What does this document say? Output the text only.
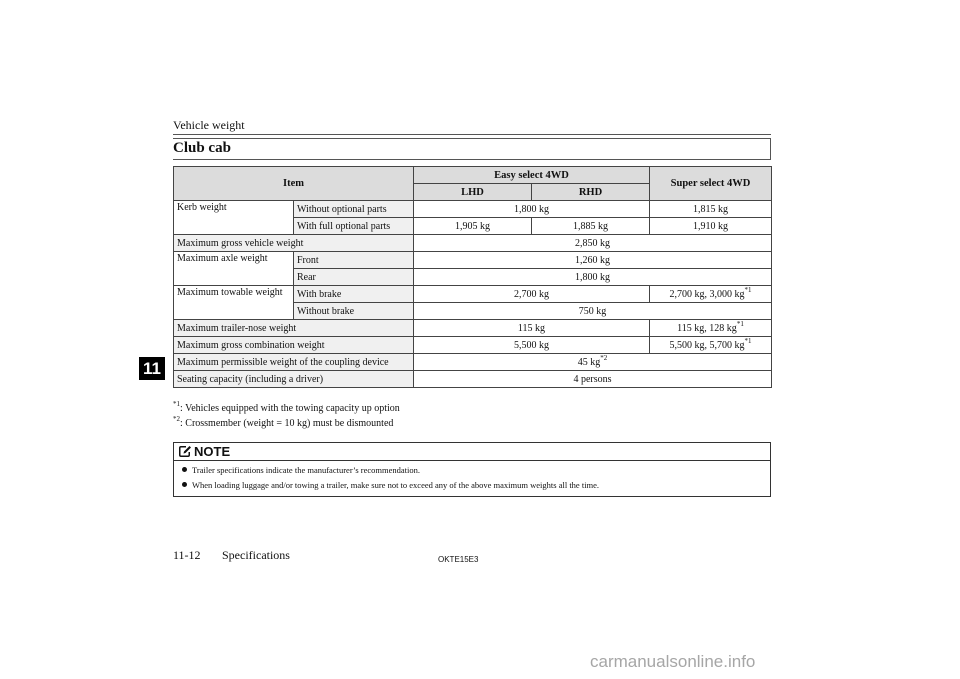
Vehicle weight
Club cab
Item		Easy select 4WD		Super select 4WD
		LHD	RHD	
Kerb weight	Without optional parts	1,800 kg		1,815 kg
	With full optional parts	1,905 kg	1,885 kg	1,910 kg
Maximum gross vehicle weight		2,850 kg		
Maximum axle weight	Front	1,260 kg		
	Rear	1,800 kg		
Maximum towable weight	With brake	2,700 kg		2,700 kg, 3,000 $kg^{*1}$
	Without brake	750 kg		
Maximum trailer-nose weight		115 kg		115 kg, 128 $kg^{*1}$
Maximum gross combination weight		5,500 kg		5,500 kg, 5,700 $kg^{*1}$
Maximum permissible weight of the coupling device		45 $kg^{*2}$
Seating capacity (including a driver)		4 persons		
$^{*1}$: Vehicles equipped with the towing capacity up option
$^{*2}$: Crossmember (weight = 10 kg) must be dismounted
NOTE
Trailer specifications indicate the manufacturer’s recommendation.
When loading luggage and/or towing a trailer, make sure not to exceed any of the above maximum weights all the time.
11
11-12 Specifications	OKTE15E3
carmanualsonline.info
